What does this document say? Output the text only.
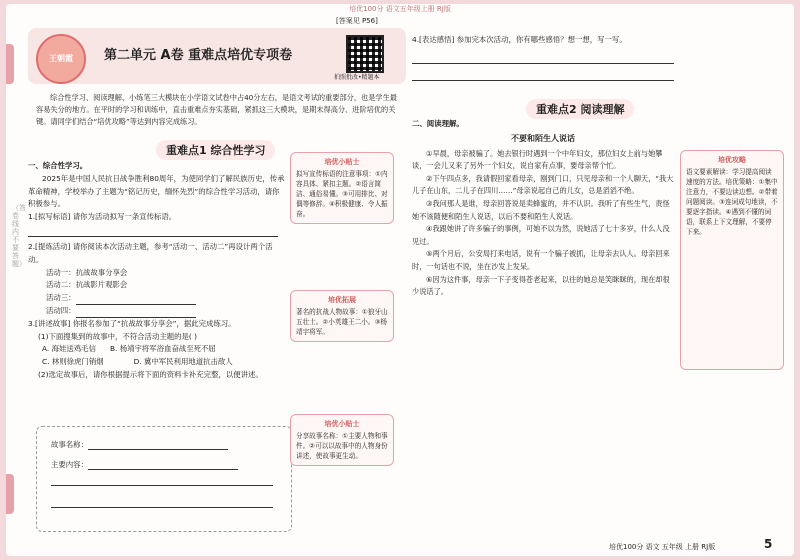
培优100分 语文五年级上册 RJ版
（答卷线内不要答题）
[答案见 P56]
王朝霞	第二单元 A卷 重难点培优专项卷
拍照批改•精题本
综合性学习、阅读理解、小练笔三大模块在小学语文试卷中占40分左右，是语文考试的重要部分，也是学生最容易失分的地方。在平时的学习和训练中，直击重难点夯实基础，紧抓这三大模块，是期末得高分、进阶培优的关键。请同学们结合“培优攻略”等达到内容完成练习。
重难点1 综合性学习
一、综合性学习。
2025年是中国人民抗日战争胜利80周年，为使同学们了解民族历史，传承革命精神，学校举办了主题为“铭记历史，缅怀先烈”的综合性学习活动，请你积极参与。
1.[拟写标语] 请你为活动拟写一条宣传标语。
2.[提炼活动] 请你阅读本次活动主题，参考“活动一、活动二”再设计两个活动。
活动一：抗战故事分享会
活动二：抗战影片观影会
活动三：
活动四：
3.[讲述故事] 你报名参加了“抗战故事分享会”，据此完成练习。
(1)下面搜集到的故事中，不符合活动主题的是( )
A. 海娃送鸡毛信 B. 杨靖宇将军浴血奋战至死不屈
C. 林则徐虎门销烟	D. 冀中军民利用地道抗击敌人
(2)选定故事后，请你根据提示将下面的资料卡补充完整，以便讲述。
故事名称：
主要内容：
培优小贴士
拟写宣传标语的注意事项：①内容具体、紧扣主题。②语言简洁、通俗易懂。③可用排比、对偶等修辞。④积极健康、令人振奋。
培优拓展
著名的抗战人物故事：①狼牙山五壮士。②小英雄王二小。③杨靖宇将军。
培优小贴士
分享故事名称：①主要人物和事件。②可以以故事中的人物身份讲述，使故事更生动。
4.[表达感悟] 参加完本次活动，你有哪些感悟？想一想，写一写。
重难点2 阅读理解
二、阅读理解。
不要和陌生人说话

①早晨，母亲被骗了。她去银行时遇到一个中年妇女，那位妇女上前与她攀谈，一会儿又来了另外一个妇女，说自家有点事，要母亲帮个忙。

②下午四点多，我请假回家看母亲，刚到门口，只见母亲和一个人聊天，“我大儿子在山东，二儿子在四川……”母亲说起自己的儿女，总是滔滔不绝。

③我问那人是谁，母亲回答说是卖蜂蜜的，并不认识。我听了有些生气，责怪她不该随便和陌生人说话，以后不要和陌生人说话。

④我跟她讲了许多骗子的事例，可她不以为然，说她活了七十多岁，什么人没见过。

⑤两个月后，公安局打来电话，说有一个骗子被抓，让母亲去认人。母亲回来时，一句话也不说，坐在沙发上发呆。

⑥因为这件事，母亲一下子变得苍老起来，以往的她总是笑眯眯的，现在却很少说话了。

培优攻略
语文要素解读：学习提高阅读速度的方法。培优策略：①集中注意力，不要边读边想。②带着问题阅读。③连词成句地读，不要逐字指读。④遇到不懂的词语，联系上下文理解，不要停下来。
培优100分 语文 五年级 上册 RJ版	5
